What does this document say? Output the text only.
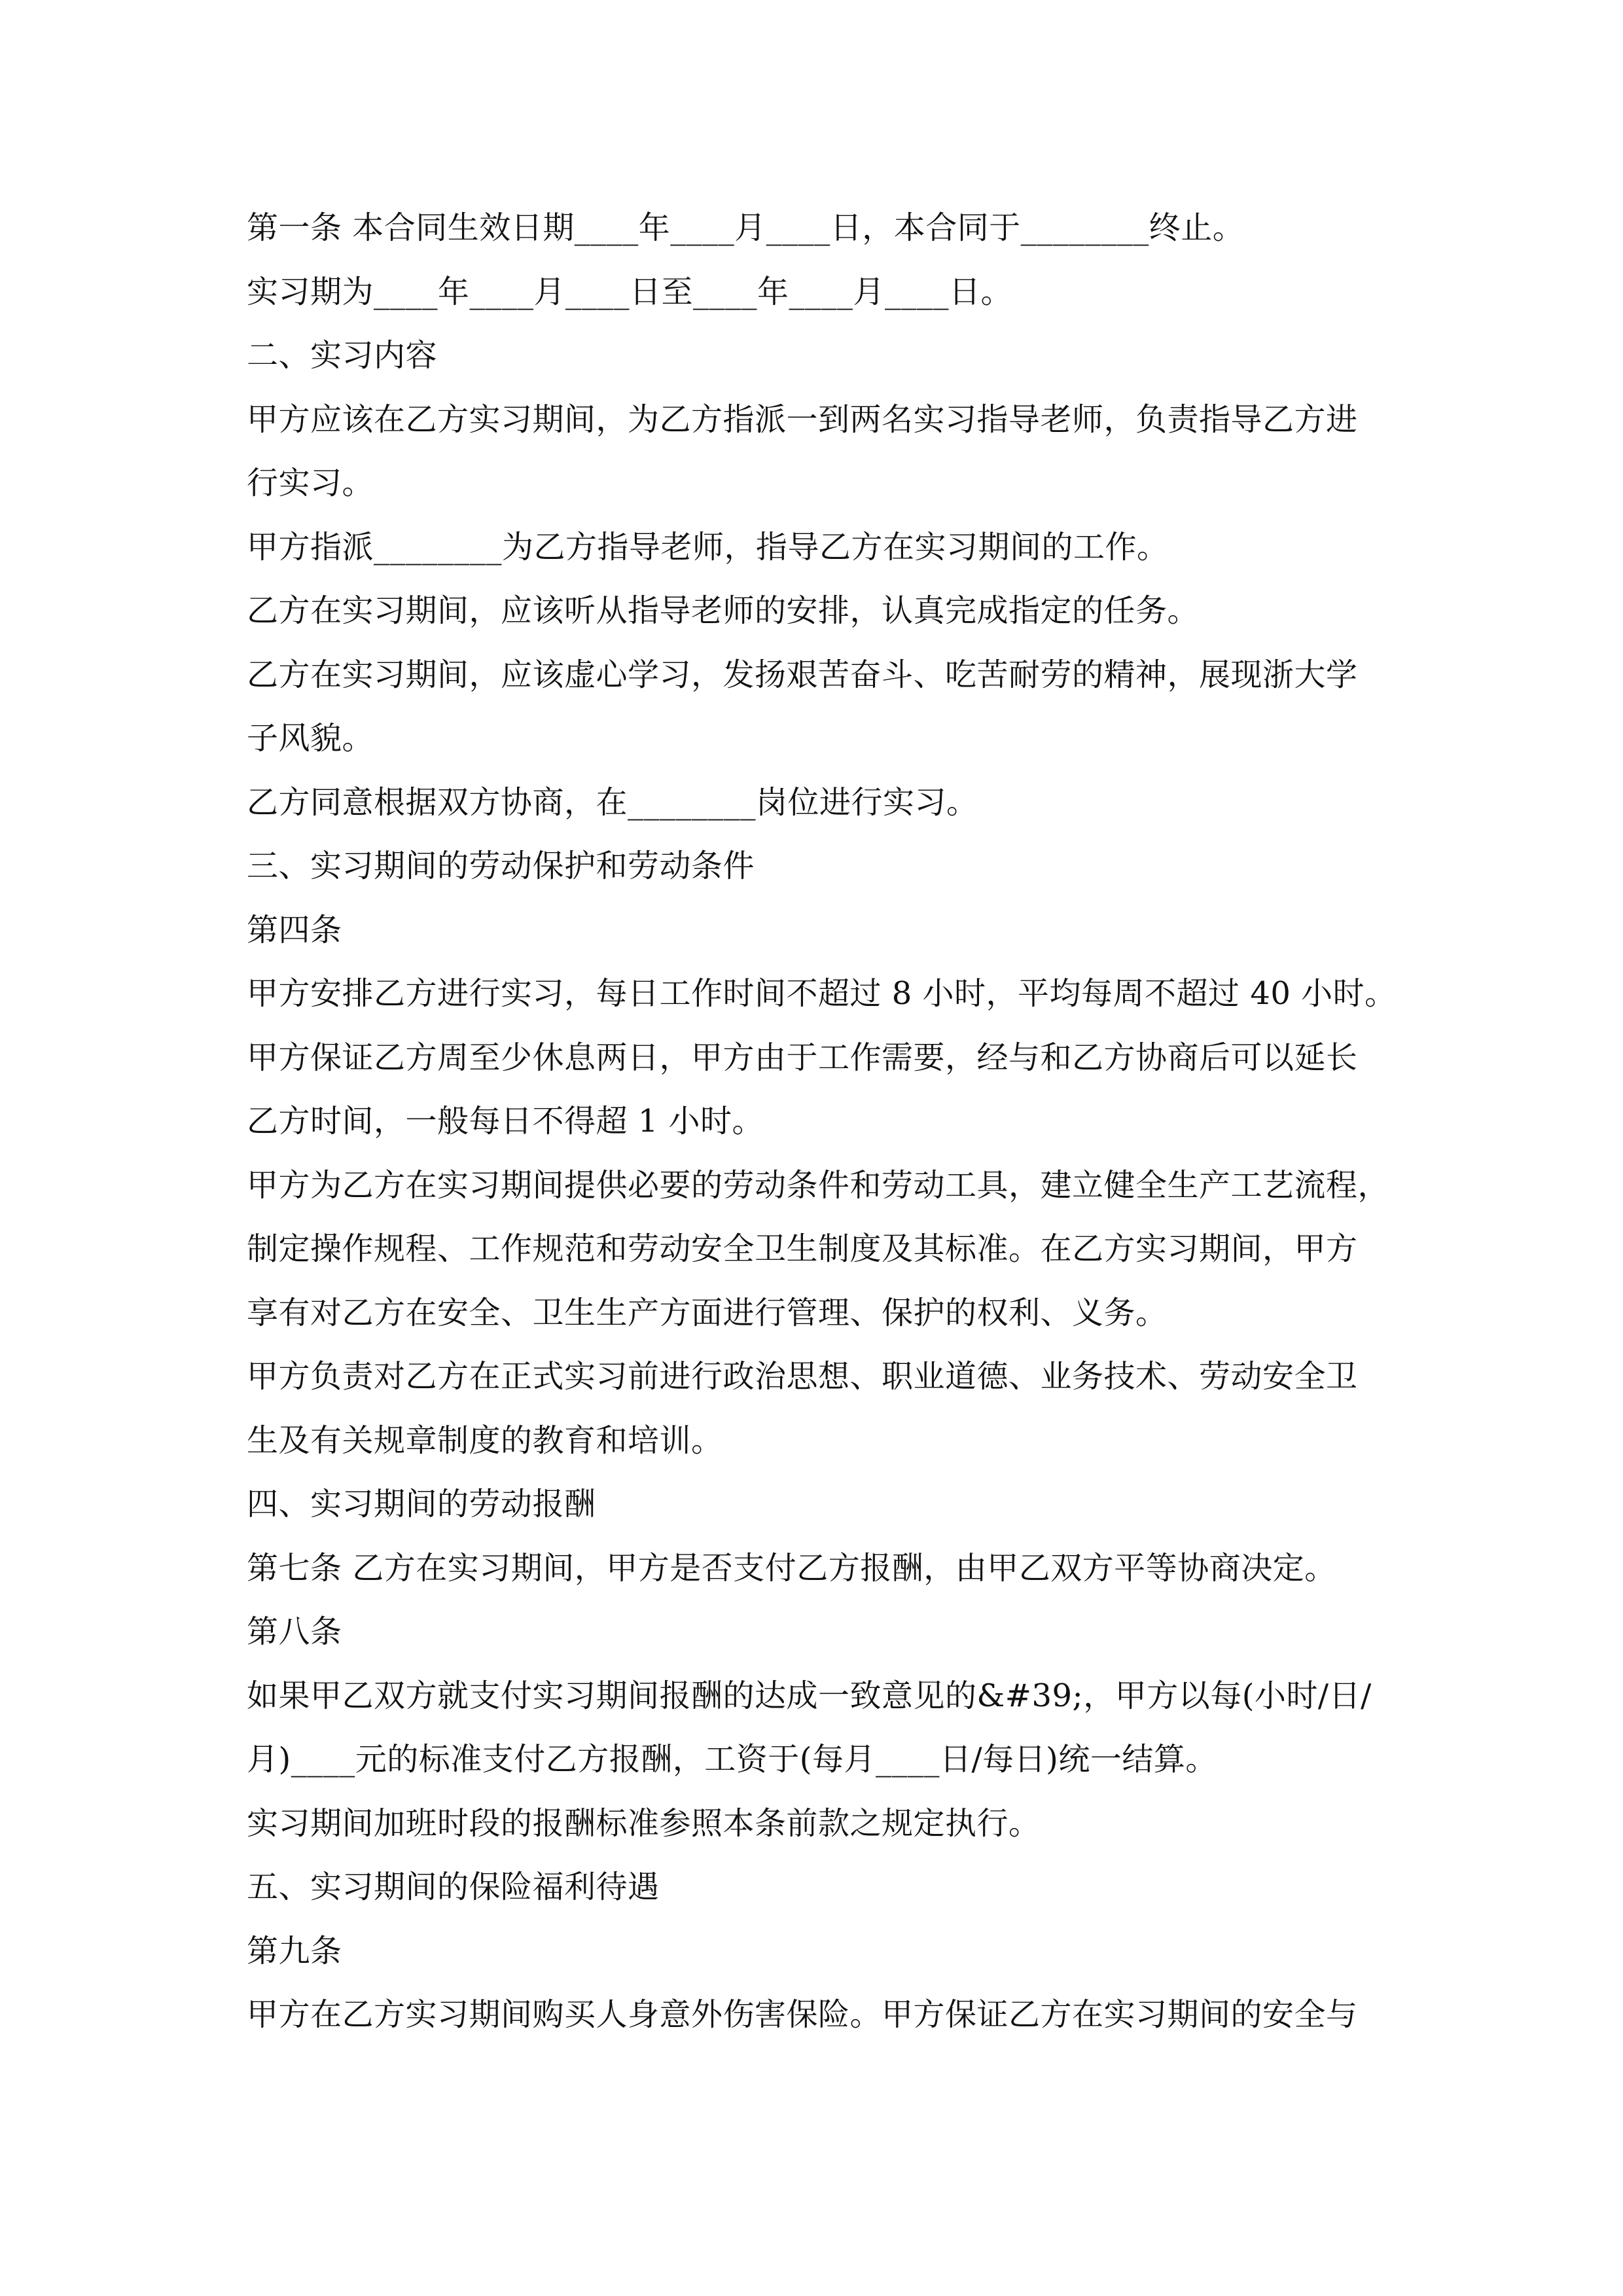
第一条 本合同生效日期____年____月____日，本合同于________终止。
实习期为____年____月____日至____年____月____日。
二、实习内容
甲方应该在乙方实习期间，为乙方指派一到两名实习指导老师，负责指导乙方进
行实习。
甲方指派________为乙方指导老师，指导乙方在实习期间的工作。
乙方在实习期间，应该听从指导老师的安排，认真完成指定的任务。
乙方在实习期间，应该虚心学习，发扬艰苦奋斗、吃苦耐劳的精神，展现浙大学
子风貌。
乙方同意根据双方协商，在________岗位进行实习。
三、实习期间的劳动保护和劳动条件
第四条
甲方安排乙方进行实习，每日工作时间不超过 8 小时，平均每周不超过 40 小时。
甲方保证乙方周至少休息两日，甲方由于工作需要，经与和乙方协商后可以延长
乙方时间，一般每日不得超 1 小时。
甲方为乙方在实习期间提供必要的劳动条件和劳动工具，建立健全生产工艺流程，
制定操作规程、工作规范和劳动安全卫生制度及其标准。在乙方实习期间，甲方
享有对乙方在安全、卫生生产方面进行管理、保护的权利、义务。
甲方负责对乙方在正式实习前进行政治思想、职业道德、业务技术、劳动安全卫
生及有关规章制度的教育和培训。
四、实习期间的劳动报酬
第七条 乙方在实习期间，甲方是否支付乙方报酬，由甲乙双方平等协商决定。
第八条
如果甲乙双方就支付实习期间报酬的达成一致意见的&#39;，甲方以每(小时/日/
月)____元的标准支付乙方报酬，工资于(每月____日/每日)统一结算。
实习期间加班时段的报酬标准参照本条前款之规定执行。
五、实习期间的保险福利待遇
第九条
甲方在乙方实习期间购买人身意外伤害保险。甲方保证乙方在实习期间的安全与
